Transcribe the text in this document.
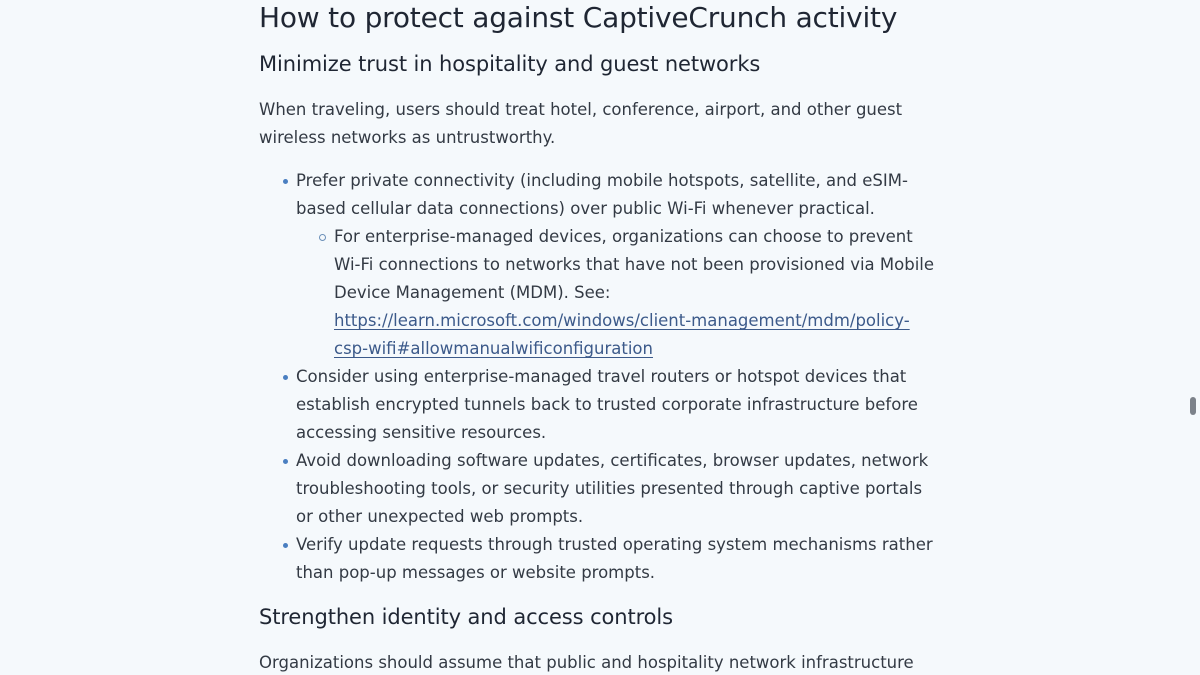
How to protect against CaptiveCrunch activity
Minimize trust in hospitality and guest networks

When traveling, users should treat hotel, conference, airport, and other guest wireless networks as untrustworthy.

Prefer private connectivity (including mobile hotspots, satellite, and eSIM-based cellular data connections) over public Wi-Fi whenever practical.
For enterprise-managed devices, organizations can choose to prevent Wi-Fi connections to networks that have not been provisioned via Mobile Device Management (MDM). See: https://learn.microsoft.com/windows/client-management/mdm/policy-csp-wifi#allowmanualwificonfiguration
Consider using enterprise-managed travel routers or hotspot devices that establish encrypted tunnels back to trusted corporate infrastructure before accessing sensitive resources.
Avoid downloading software updates, certificates, browser updates, network troubleshooting tools, or security utilities presented through captive portals or other unexpected web prompts.
Verify update requests through trusted operating system mechanisms rather than pop-up messages or website prompts.
Strengthen identity and access controls

Organizations should assume that public and hospitality network infrastructure
